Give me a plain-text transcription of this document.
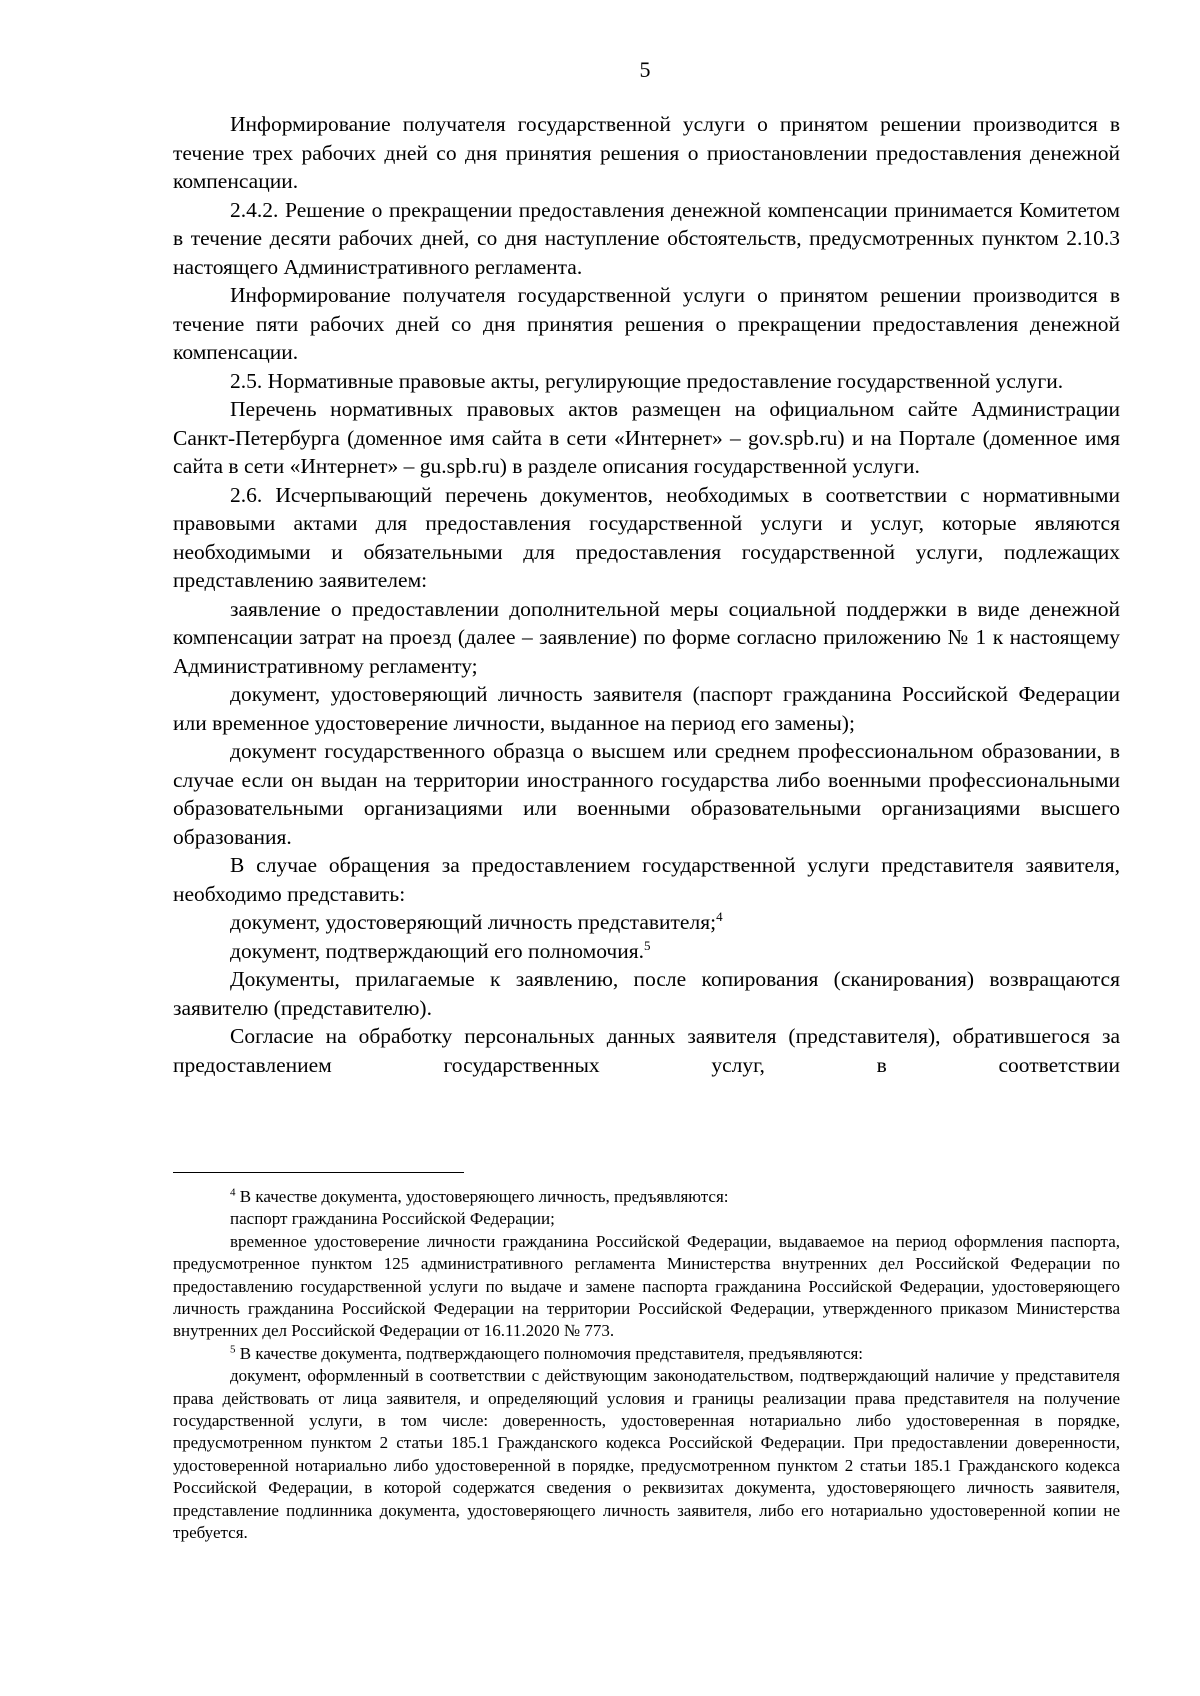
5

Информирование получателя государственной услуги о принятом решении производится в течение трех рабочих дней со дня принятия решения о приостановлении предоставления денежной компенсации.

2.4.2. Решение о прекращении предоставления денежной компенсации принимается Комитетом в течение десяти рабочих дней, со дня наступление обстоятельств, предусмотренных пунктом 2.10.3 настоящего Административного регламента.

Информирование получателя государственной услуги о принятом решении производится в течение пяти рабочих дней со дня принятия решения о прекращении предоставления денежной компенсации.

2.5. Нормативные правовые акты, регулирующие предоставление государственной услуги.

Перечень нормативных правовых актов размещен на официальном сайте Администрации Санкт-Петербурга (доменное имя сайта в сети «Интернет» – gov.spb.ru) и на Портале (доменное имя сайта в сети «Интернет» – gu.spb.ru) в разделе описания государственной услуги.

2.6. Исчерпывающий перечень документов, необходимых в соответствии с нормативными правовыми актами для предоставления государственной услуги и услуг, которые являются необходимыми и обязательными для предоставления государственной услуги, подлежащих представлению заявителем:

заявление о предоставлении дополнительной меры социальной поддержки в виде денежной компенсации затрат на проезд (далее – заявление) по форме согласно приложению № 1 к настоящему Административному регламенту;

документ, удостоверяющий личность заявителя (паспорт гражданина Российской Федерации или временное удостоверение личности, выданное на период его замены);

документ государственного образца о высшем или среднем профессиональном образовании, в случае если он выдан на территории иностранного государства либо военными профессиональными образовательными организациями или военными образовательными организациями высшего образования.

В случае обращения за предоставлением государственной услуги представителя заявителя, необходимо представить:

документ, удостоверяющий личность представителя;$^4$

документ, подтверждающий его полномочия.$^5$

Документы, прилагаемые к заявлению, после копирования (сканирования) возвращаются заявителю (представителю).

Согласие на обработку персональных данных заявителя (представителя), обратившегося за предоставлением государственных услуг, в соответствии

$^4$ В качестве документа, удостоверяющего личность, предъявляются:

паспорт гражданина Российской Федерации;

временное удостоверение личности гражданина Российской Федерации, выдаваемое на период оформления паспорта, предусмотренное пунктом 125 административного регламента Министерства внутренних дел Российской Федерации по предоставлению государственной услуги по выдаче и замене паспорта гражданина Российской Федерации, удостоверяющего личность гражданина Российской Федерации на территории Российской Федерации, утвержденного приказом Министерства внутренних дел Российской Федерации от 16.11.2020 № 773.

$^5$ В качестве документа, подтверждающего полномочия представителя, предъявляются:

документ, оформленный в соответствии с действующим законодательством, подтверждающий наличие у представителя права действовать от лица заявителя, и определяющий условия и границы реализации права представителя на получение государственной услуги, в том числе: доверенность, удостоверенная нотариально либо удостоверенная в порядке, предусмотренном пунктом 2 статьи 185.1 Гражданского кодекса Российской Федерации. При предоставлении доверенности, удостоверенной нотариально либо удостоверенной в порядке, предусмотренном пунктом 2 статьи 185.1 Гражданского кодекса Российской Федерации, в которой содержатся сведения о реквизитах документа, удостоверяющего личность заявителя, представление подлинника документа, удостоверяющего личность заявителя, либо его нотариально удостоверенной копии не требуется.
